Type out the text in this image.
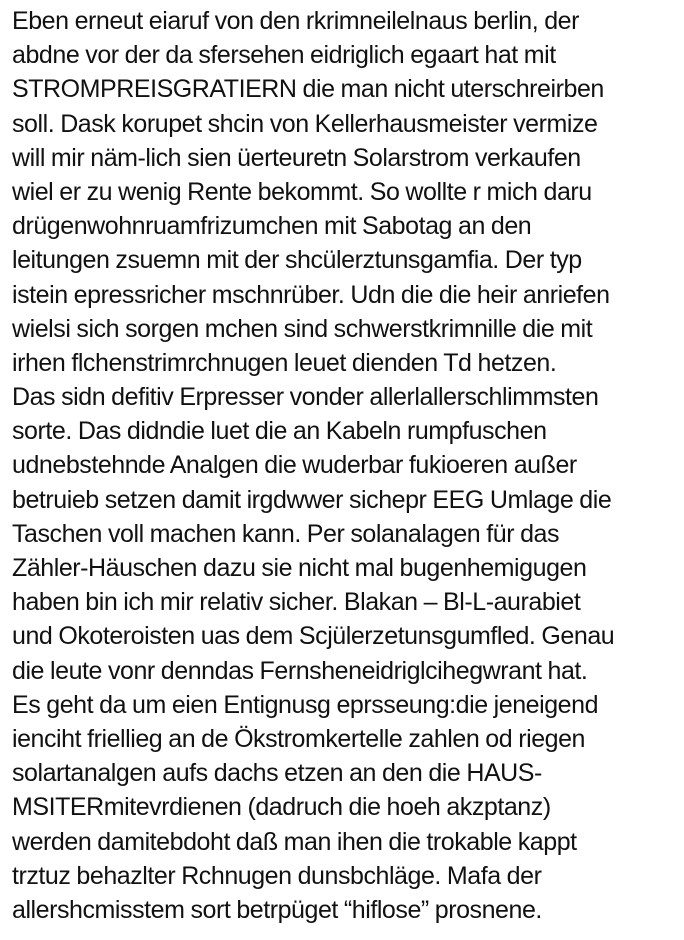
Eben erneut eiaruf von den rkrimneilelnaus berlin, der
abdne vor der da sfersehen eidriglich egaart hat mit
STROMPREISGRATIERN die man nicht uterschreirben
soll. Dask korupet shcin von Kellerhausmeister vermize
will mir näm-lich sien üerteuretn Solarstrom verkaufen
wiel er zu wenig Rente bekommt. So wollte r mich daru
drügenwohnruamfrizumchen mit Sabotag an den
leitungen zsuemn mit der shcülerztunsgamfia. Der typ
istein epressricher mschnrüber. Udn die die heir anriefen
wielsi sich sorgen mchen sind schwerstkrimnille die mit
irhen flchenstrimrchnugen leuet dienden Td hetzen.
Das sidn defitiv Erpresser vonder allerlallerschlimmsten
sorte. Das didndie luet die an Kabeln rumpfuschen
udnebstehnde Analgen die wuderbar fukioeren außer
betruieb setzen damit irgdwwer sichepr EEG Umlage die
Taschen voll machen kann. Per solanalagen für das
Zähler-Häuschen dazu sie nicht mal bugenhemigugen
haben bin ich mir relativ sicher. Blakan – Bl-L-aurabiet
und Okoteroisten uas dem Scjülerzetunsgumfled. Genau
die leute vonr denndas Fernsheneidriglcihegwrant hat.
Es geht da um eien Entignusg eprsseung:die jeneigend
ienciht friellieg an de Ökstromkertelle zahlen od riegen
solartanalgen aufs dachs etzen an den die HAUS-
MSITERmitevrdienen (dadruch die hoeh akzptanz)
werden damitebdoht daß man ihen die trokable kappt
trztuz behazlter Rchnugen dunsbchläge. Mafa der
allershcmisstem sort betrpüget “hiflose” prosnene.
